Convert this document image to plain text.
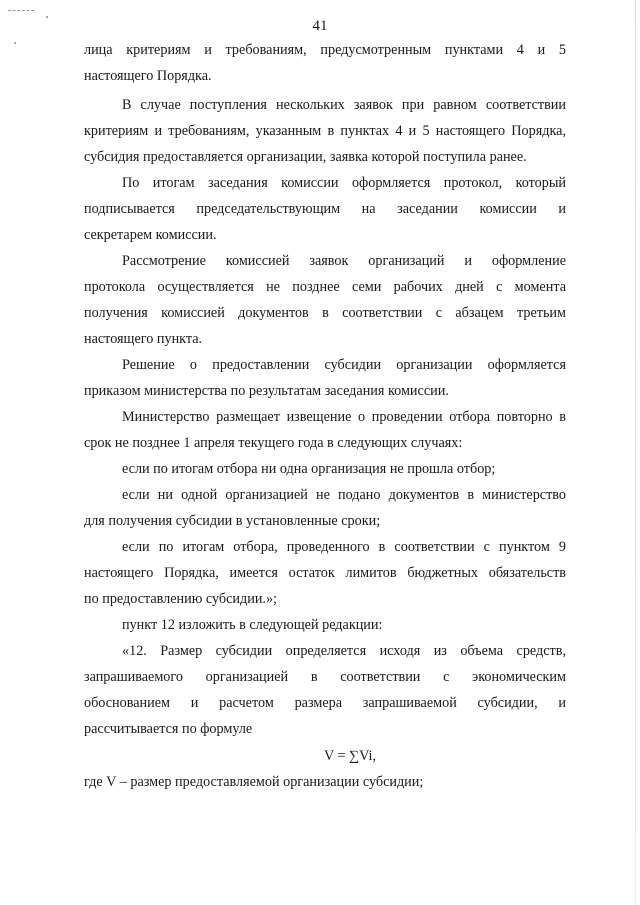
41
лица критериям и требованиям, предусмотренным пунктами 4 и 5
настоящего Порядка.
В случае поступления нескольких заявок при равном соответствии
критериям и требованиям, указанным в пунктах 4 и 5 настоящего Порядка,
субсидия предоставляется организации, заявка которой поступила ранее.
По итогам заседания комиссии оформляется протокол, который
подписывается председательствующим на заседании комиссии и
секретарем комиссии.
Рассмотрение комиссией заявок организаций и оформление
протокола осуществляется не позднее семи рабочих дней с момента
получения комиссией документов в соответствии с абзацем третьим
настоящего пункта.
Решение о предоставлении субсидии организации оформляется
приказом министерства по результатам заседания комиссии.
Министерство размещает извещение о проведении отбора повторно в
срок не позднее 1 апреля текущего года в следующих случаях:
если по итогам отбора ни одна организация не прошла отбор;
если ни одной организацией не подано документов в министерство
для получения субсидии в установленные сроки;
если по итогам отбора, проведенного в соответствии с пунктом 9
настоящего Порядка, имеется остаток лимитов бюджетных обязательств
по предоставлению субсидии.»;
пункт 12 изложить в следующей редакции:
«12. Размер субсидии определяется исходя из объема средств,
запрашиваемого организацией в соответствии с экономическим
обоснованием и расчетом размера запрашиваемой субсидии, и
рассчитывается по формуле
V = ∑Vi,
где V – размер предоставляемой организации субсидии;
